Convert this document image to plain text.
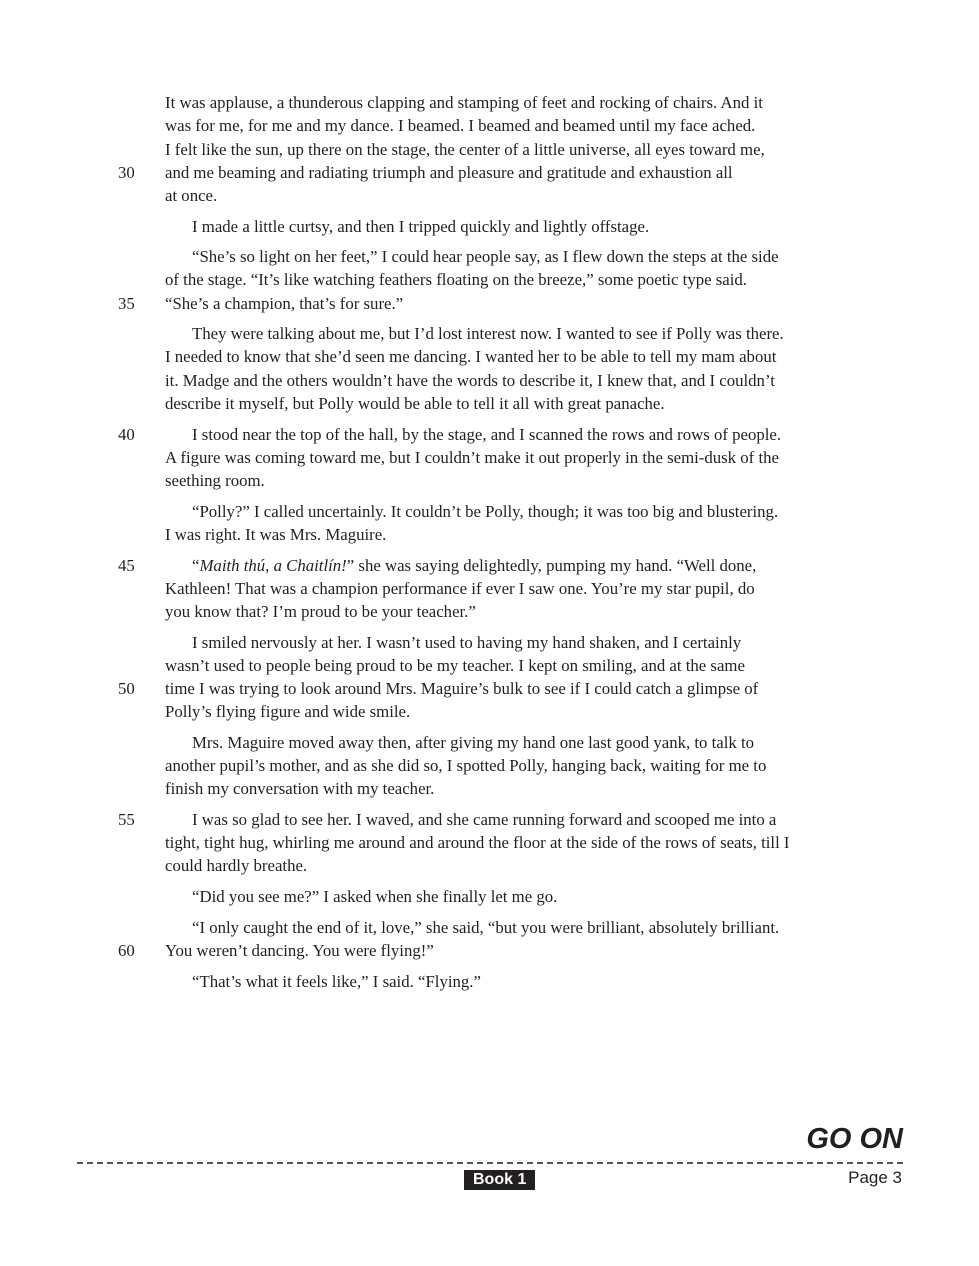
30
35
40
45
50
55
60
It was applause, a thunderous clapping and stamping of feet and rocking of chairs. And it
was for me, for me and my dance. I beamed. I beamed and beamed until my face ached.
I felt like the sun, up there on the stage, the center of a little universe, all eyes toward me,
and me beaming and radiating triumph and pleasure and gratitude and exhaustion all
at once.
I made a little curtsy, and then I tripped quickly and lightly offstage.
“She’s so light on her feet,” I could hear people say, as I flew down the steps at the side
of the stage. “It’s like watching feathers floating on the breeze,” some poetic type said.
“She’s a champion, that’s for sure.”
They were talking about me, but I’d lost interest now. I wanted to see if Polly was there.
I needed to know that she’d seen me dancing. I wanted her to be able to tell my mam about
it. Madge and the others wouldn’t have the words to describe it, I knew that, and I couldn’t
describe it myself, but Polly would be able to tell it all with great panache.
I stood near the top of the hall, by the stage, and I scanned the rows and rows of people.
A figure was coming toward me, but I couldn’t make it out properly in the semi-dusk of the
seething room.
“Polly?” I called uncertainly. It couldn’t be Polly, though; it was too big and blustering.
I was right. It was Mrs. Maguire.
“Maith thú, a Chaitlín!” she was saying delightedly, pumping my hand. “Well done,
Kathleen! That was a champion performance if ever I saw one. You’re my star pupil, do
you know that? I’m proud to be your teacher.”
I smiled nervously at her. I wasn’t used to having my hand shaken, and I certainly
wasn’t used to people being proud to be my teacher. I kept on smiling, and at the same
time I was trying to look around Mrs. Maguire’s bulk to see if I could catch a glimpse of
Polly’s flying figure and wide smile.
Mrs. Maguire moved away then, after giving my hand one last good yank, to talk to
another pupil’s mother, and as she did so, I spotted Polly, hanging back, waiting for me to
finish my conversation with my teacher.
I was so glad to see her. I waved, and she came running forward and scooped me into a
tight, tight hug, whirling me around and around the floor at the side of the rows of seats, till I
could hardly breathe.
“Did you see me?” I asked when she finally let me go.
“I only caught the end of it, love,” she said, “but you were brilliant, absolutely brilliant.
You weren’t dancing. You were flying!”
“That’s what it feels like,” I said. “Flying.”
GO ON
Book 1	Page 3
